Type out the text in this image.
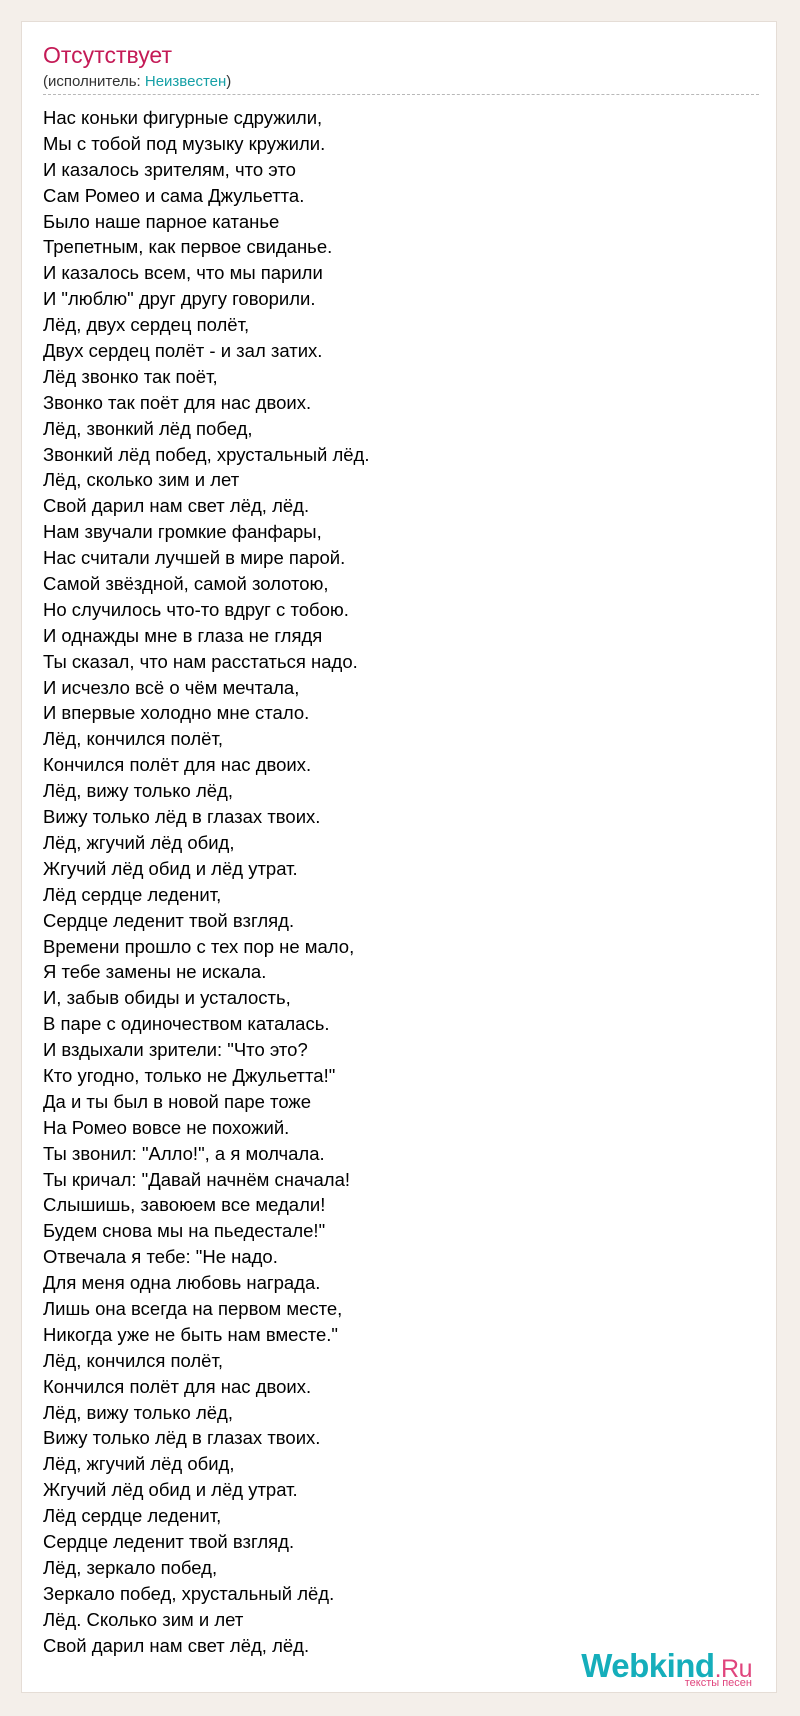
Отсутствует
(исполнитель: Неизвестен)
Нас коньки фигурные сдружили,
Мы с тобой под музыку кружили.
И казалось зрителям, что это
Сам Ромео и сама Джульетта.
Было наше парное катанье
Трепетным, как первое свиданье.
И казалось всем, что мы парили
И "люблю" друг другу говорили.
Лёд, двух сердец полёт,
Двух сердец полёт - и зал затих.
Лёд звонко так поёт,
Звонко так поёт для нас двоих.
Лёд, звонкий лёд побед,
Звонкий лёд побед, хрустальный лёд.
Лёд, сколько зим и лет
Свой дарил нам свет лёд, лёд.
Нам звучали громкие фанфары,
Нас считали лучшей в мире парой.
Самой звёздной, самой золотою,
Но случилось что-то вдруг с тобою.
И однажды мне в глаза не глядя
Ты сказал, что нам расстаться надо.
И исчезло всё о чём мечтала,
И впервые холодно мне стало.
Лёд, кончился полёт,
Кончился полёт для нас двоих.
Лёд, вижу только лёд,
Вижу только лёд в глазах твоих.
Лёд, жгучий лёд обид,
Жгучий лёд обид и лёд утрат.
Лёд сердце леденит,
Сердце леденит твой взгляд.
Времени прошло с тех пор не мало,
Я тебе замены не искала.
И, забыв обиды и усталость,
В паре с одиночеством каталась.
И вздыхали зрители: "Что это?
Кто угодно, только не Джульетта!"
Да и ты был в новой паре тоже
На Ромео вовсе не похожий.
Ты звонил: "Алло!", а я молчала.
Ты кричал: "Давай начнём сначала!
Слышишь, завоюем все медали!
Будем снова мы на пьедестале!"
Отвечала я тебе: "Не надо.
Для меня одна любовь награда.
Лишь она всегда на первом месте,
Никогда уже не быть нам вместе."
Лёд, кончился полёт,
Кончился полёт для нас двоих.
Лёд, вижу только лёд,
Вижу только лёд в глазах твоих.
Лёд, жгучий лёд обид,
Жгучий лёд обид и лёд утрат.
Лёд сердце леденит,
Сердце леденит твой взгляд.
Лёд, зеркало побед,
Зеркало побед, хрустальный лёд.
Лёд. Сколько зим и лет
Свой дарил нам свет лёд, лёд.
Webkind.Ru
тексты песен
